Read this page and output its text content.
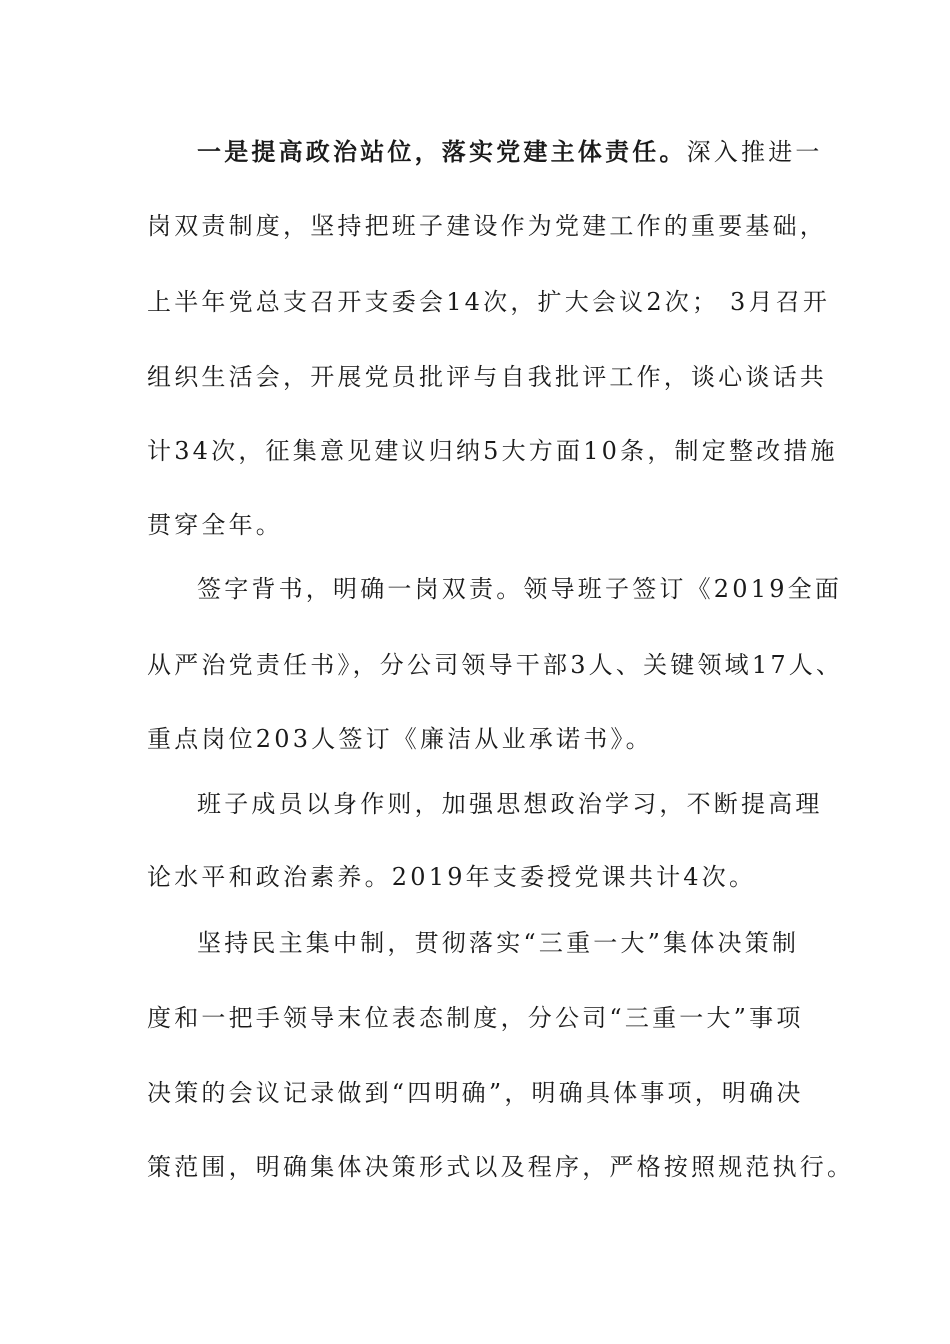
一是提高政治站位，落实党建主体责任。深入推进一
岗双责制度，坚持把班子建设作为党建工作的重要基础，
上半年党总支召开支委会14次，扩大会议2次； 3月召开
组织生活会，开展党员批评与自我批评工作，谈心谈话共
计34次，征集意见建议归纳5大方面10条，制定整改措施
贯穿全年。
签字背书，明确一岗双责。领导班子签订《2019全面
从严治党责任书》，分公司领导干部3人、关键领域17人、
重点岗位203人签订《廉洁从业承诺书》。
班子成员以身作则，加强思想政治学习，不断提高理
论水平和政治素养。2019年支委授党课共计4次。
坚持民主集中制，贯彻落实“三重一大”集体决策制
度和一把手领导末位表态制度，分公司“三重一大”事项
决策的会议记录做到“四明确”，明确具体事项，明确决
策范围，明确集体决策形式以及程序，严格按照规范执行。
